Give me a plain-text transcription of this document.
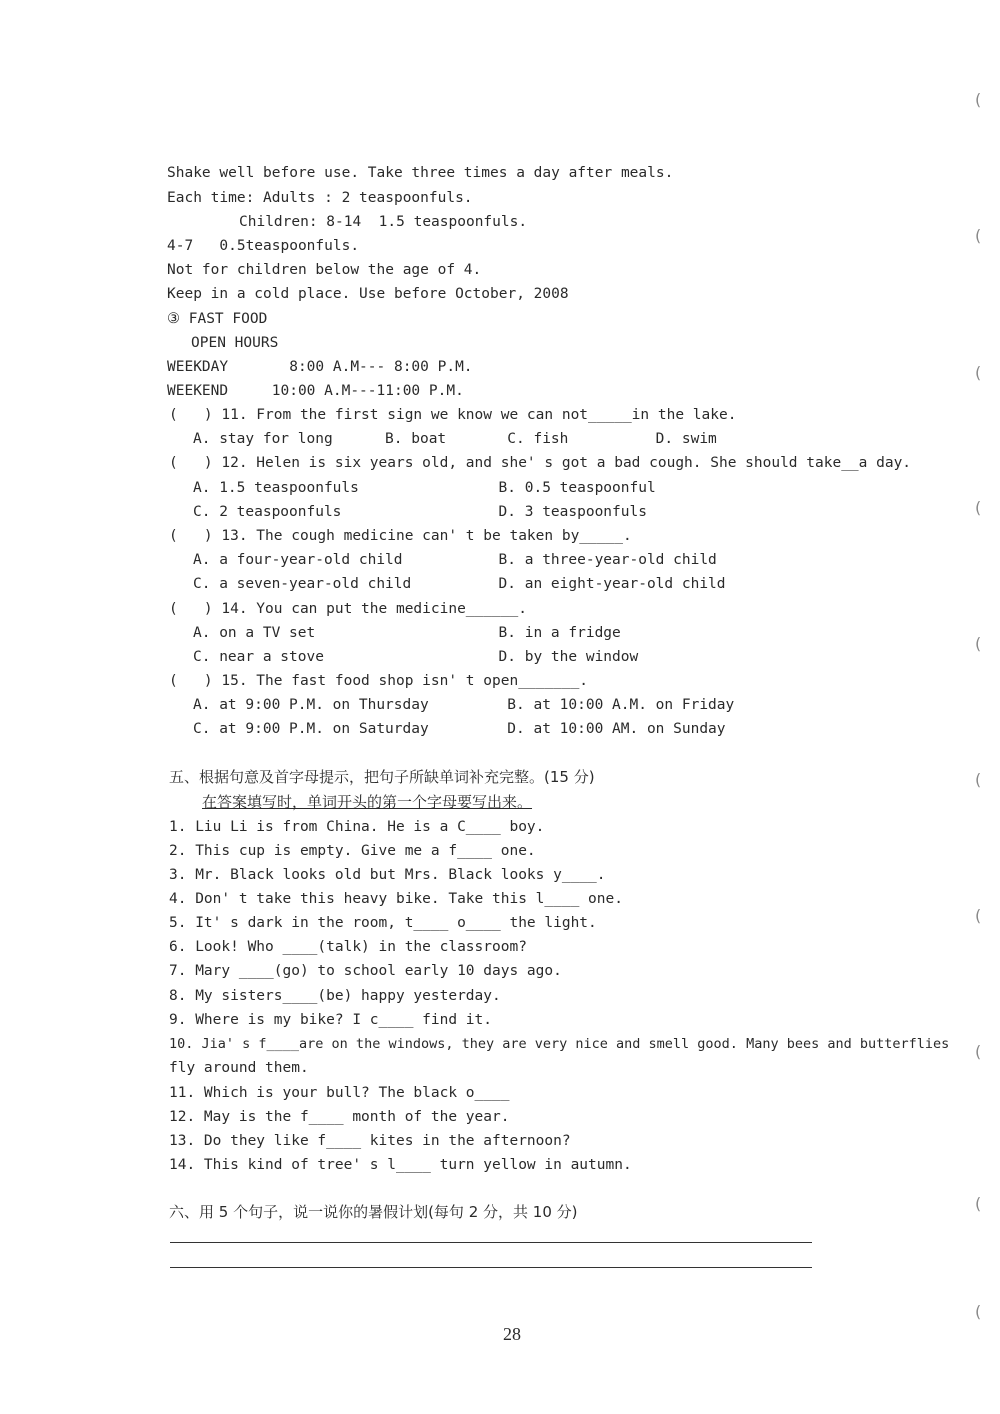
Shake well before use. Take three times a day after meals.
Each time: Adults : 2 teaspoonfuls.
Children: 8-14  1.5 teaspoonfuls.
4-7   0.5teaspoonfuls.
Not for children below the age of 4.
Keep in a cold place. Use before October, 2008
③ FAST FOOD
OPEN HOURS
WEEKDAY       8:00 A.M--- 8:00 P.M.
WEEKEND     10:00 A.M---11:00 P.M.
(   ) 11. From the first sign we know we can not_____in the lake.
A. stay for long      B. boat       C. fish          D. swim
(   ) 12. Helen is six years old, and she' s got a bad cough. She should take__a day.
A. 1.5 teaspoonfuls                B. 0.5 teaspoonful
C. 2 teaspoonfuls                  D. 3 teaspoonfuls
(   ) 13. The cough medicine can' t be taken by_____.
A. a four-year-old child           B. a three-year-old child
C. a seven-year-old child          D. an eight-year-old child
(   ) 14. You can put the medicine______.
A. on a TV set                     B. in a fridge
C. near a stove                    D. by the window
(   ) 15. The fast food shop isn' t open_______.
A. at 9:00 P.M. on Thursday         B. at 10:00 A.M. on Friday
C. at 9:00 P.M. on Saturday         D. at 10:00 AM. on Sunday
五、根据句意及首字母提示，把句子所缺单词补充完整。(15 分)
在答案填写时，单词开头的第一个字母要写出来。
1. Liu Li is from China. He is a C____ boy.
2. This cup is empty. Give me a f____ one.
3. Mr. Black looks old but Mrs. Black looks y____.
4. Don' t take this heavy bike. Take this l____ one.
5. It' s dark in the room, t____ o____ the light.
6. Look! Who ____(talk) in the classroom?
7. Mary ____(go) to school early 10 days ago.
8. My sisters____(be) happy yesterday.
9. Where is my bike? I c____ find it.
10. Jia' s f____are on the windows, they are very nice and smell good. Many bees and butterflies
fly around them.
11. Which is your bull? The black o____
12. May is the f____ month of the year.
13. Do they like f____ kites in the afternoon?
14. This kind of tree' s l____ turn yellow in autumn.
六、用 5 个句子，说一说你的暑假计划(每句 2 分，共 10 分)
28
(
(
(
(
(
(
(
(
(
(
